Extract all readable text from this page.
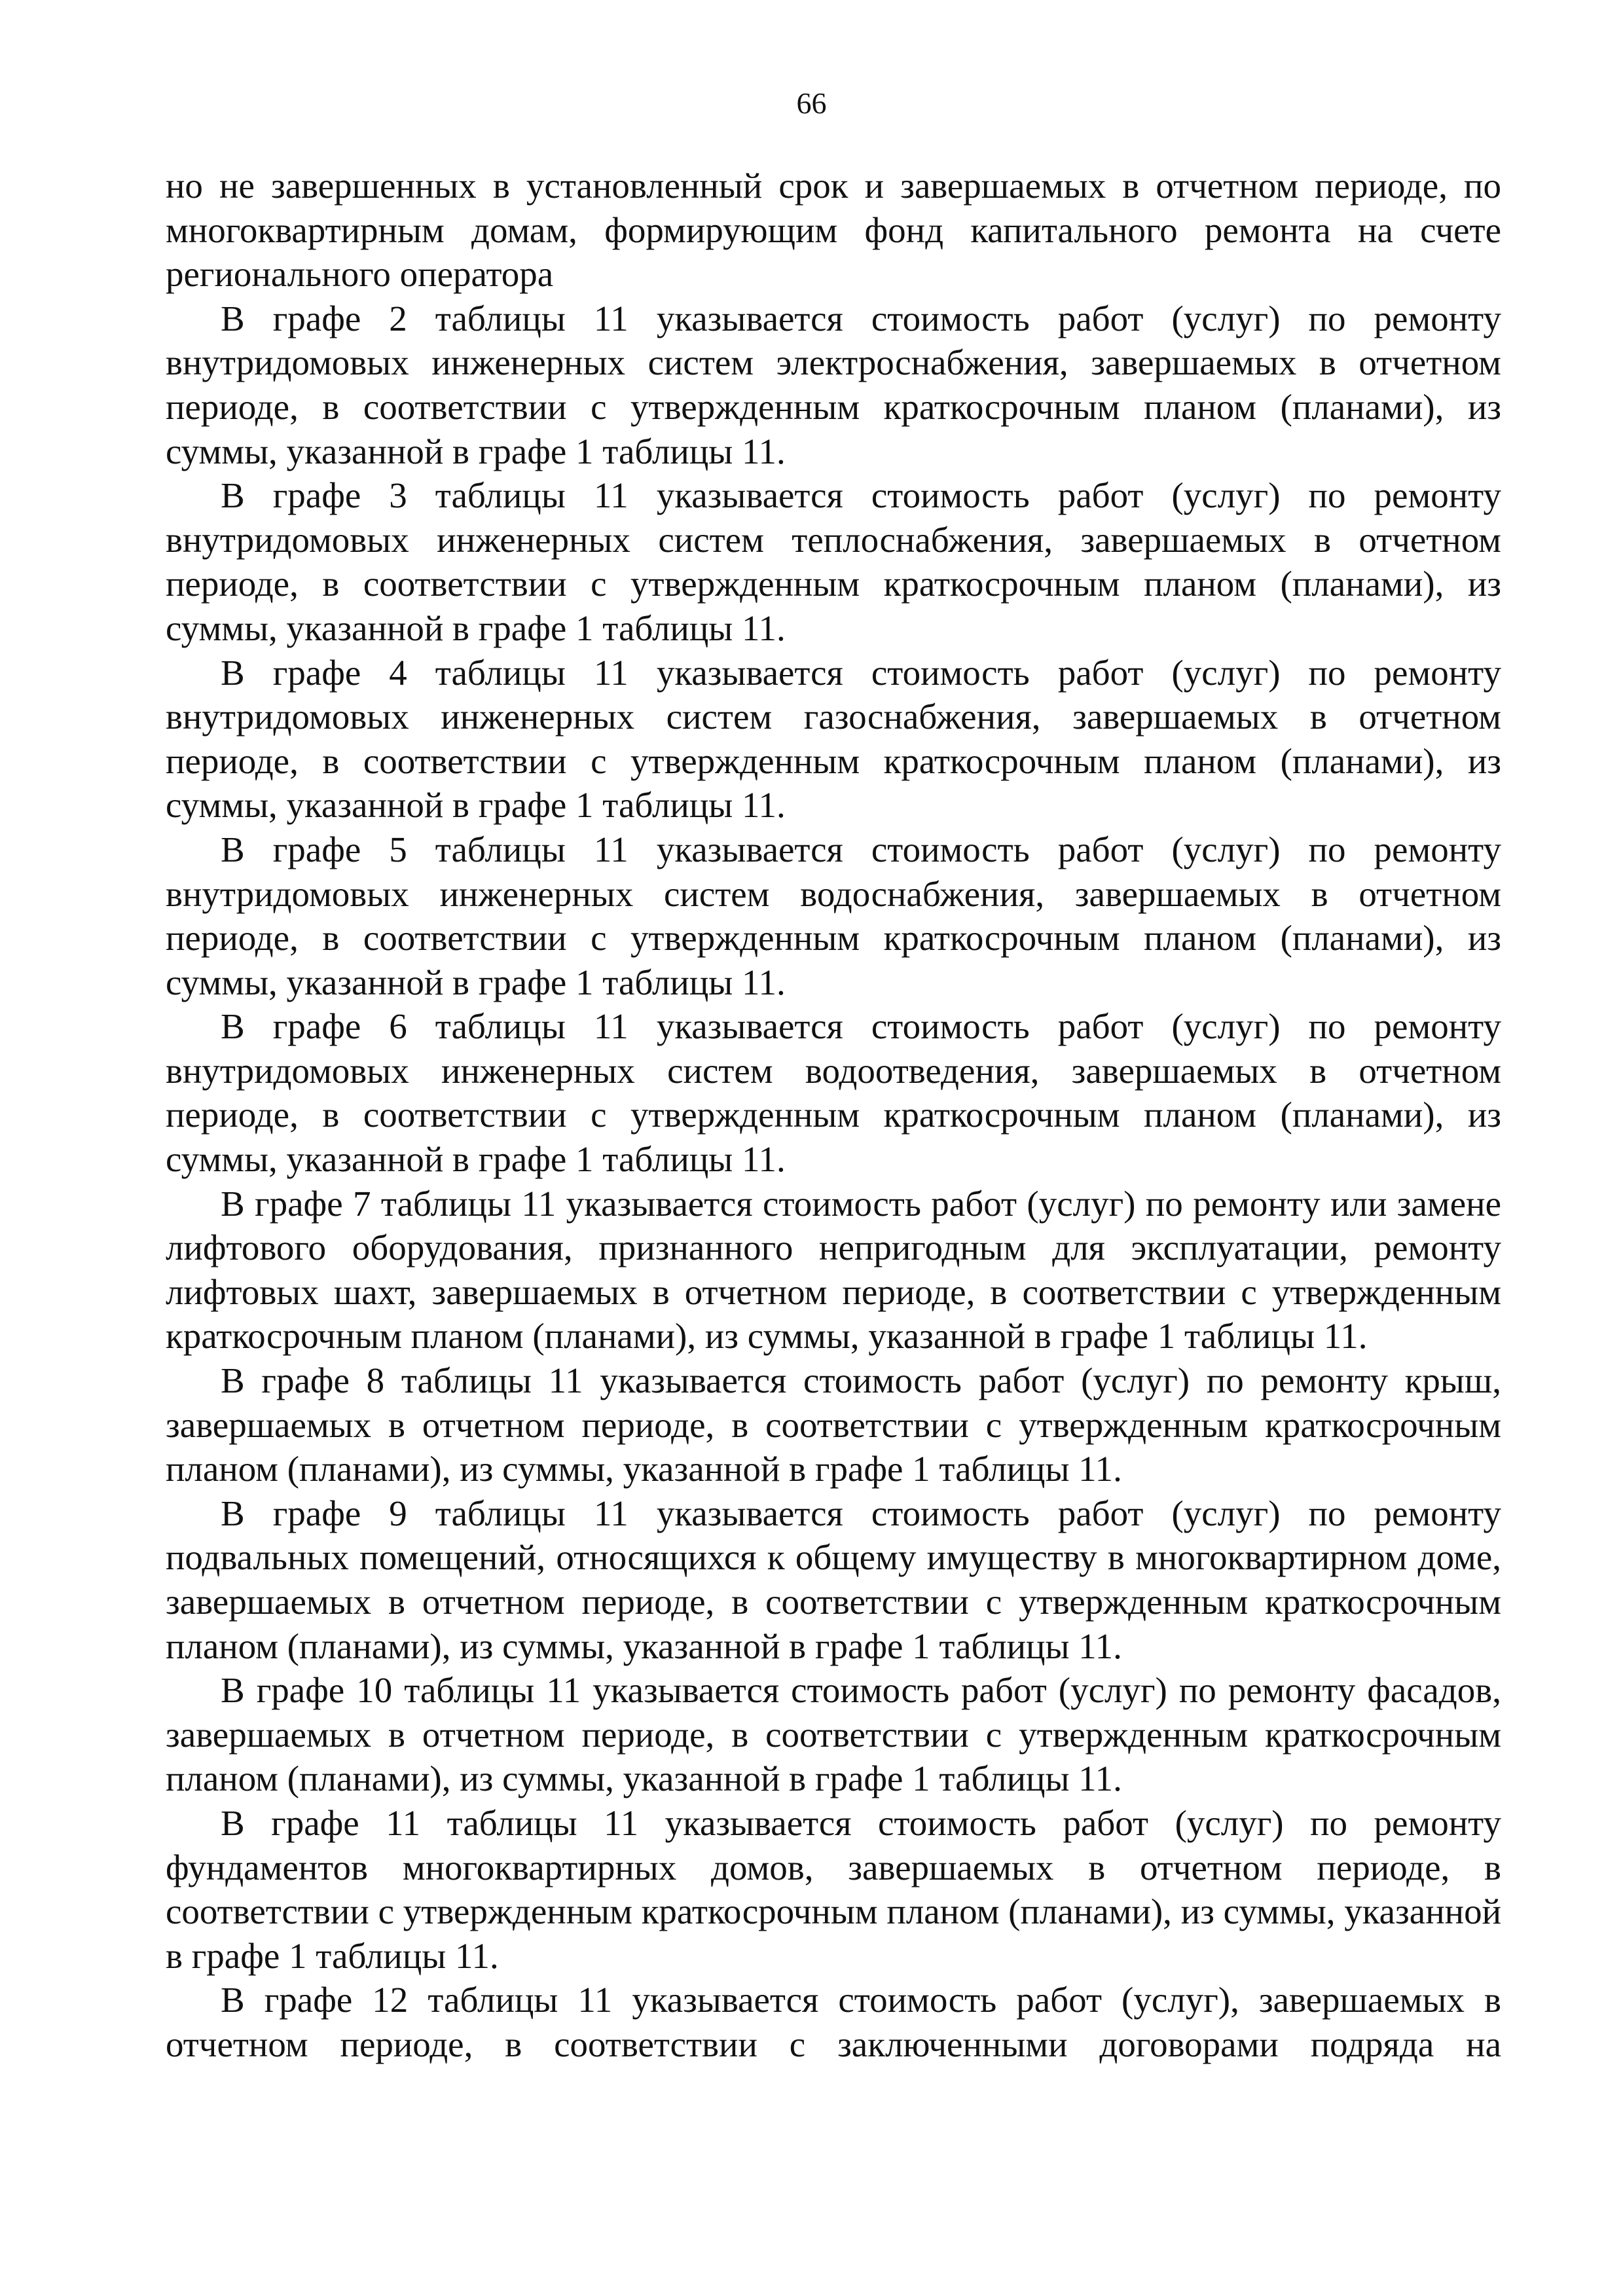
66

но не завершенных в установленный срок и завершаемых в отчетном периоде, по многоквартирным домам, формирующим фонд капитального ремонта на счете регионального оператора

В графе 2 таблицы 11 указывается стоимость работ (услуг) по ремонту внутридомовых инженерных систем электроснабжения, завершаемых в отчетном периоде, в соответствии с утвержденным краткосрочным планом (планами), из суммы, указанной в графе 1 таблицы 11.

В графе 3 таблицы 11 указывается стоимость работ (услуг) по ремонту внутридомовых инженерных систем теплоснабжения, завершаемых в отчетном периоде, в соответствии с утвержденным краткосрочным планом (планами), из суммы, указанной в графе 1 таблицы 11.

В графе 4 таблицы 11 указывается стоимость работ (услуг) по ремонту внутридомовых инженерных систем газоснабжения, завершаемых в отчетном периоде, в соответствии с утвержденным краткосрочным планом (планами), из суммы, указанной в графе 1 таблицы 11.

В графе 5 таблицы 11 указывается стоимость работ (услуг) по ремонту внутридомовых инженерных систем водоснабжения, завершаемых в отчетном периоде, в соответствии с утвержденным краткосрочным планом (планами), из суммы, указанной в графе 1 таблицы 11.

В графе 6 таблицы 11 указывается стоимость работ (услуг) по ремонту внутридомовых инженерных систем водоотведения, завершаемых в отчетном периоде, в соответствии с утвержденным краткосрочным планом (планами), из суммы, указанной в графе 1 таблицы 11.

В графе 7 таблицы 11 указывается стоимость работ (услуг) по ремонту или замене лифтового оборудования, признанного непригодным для эксплуатации, ремонту лифтовых шахт, завершаемых в отчетном периоде, в соответствии с утвержденным краткосрочным планом (планами), из суммы, указанной в графе 1 таблицы 11.

В графе 8 таблицы 11 указывается стоимость работ (услуг) по ремонту крыш, завершаемых в отчетном периоде, в соответствии с утвержденным краткосрочным планом (планами), из суммы, указанной в графе 1 таблицы 11.

В графе 9 таблицы 11 указывается стоимость работ (услуг) по ремонту подвальных помещений, относящихся к общему имуществу в многоквартирном доме, завершаемых в отчетном периоде, в соответствии с утвержденным краткосрочным планом (планами), из суммы, указанной в графе 1 таблицы 11.

В графе 10 таблицы 11 указывается стоимость работ (услуг) по ремонту фасадов, завершаемых в отчетном периоде, в соответствии с утвержденным краткосрочным планом (планами), из суммы, указанной в графе 1 таблицы 11.

В графе 11 таблицы 11 указывается стоимость работ (услуг) по ремонту фундаментов многоквартирных домов, завершаемых в отчетном периоде, в соответствии с утвержденным краткосрочным планом (планами), из суммы, указанной в графе 1 таблицы 11.

В графе 12 таблицы 11 указывается стоимость работ (услуг), завершаемых в отчетном периоде, в соответствии с заключенными договорами подряда на
